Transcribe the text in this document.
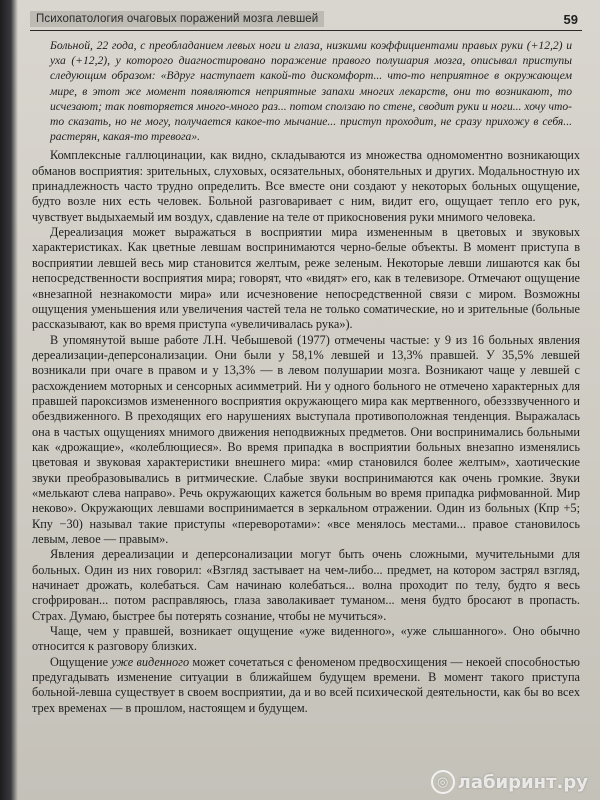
Психопатология очаговых поражений мозга левшей	59

Больной, 22 года, с преобладанием левых ноги и глаза, низкими коэффициентами правых руки (+12,2) и уха (+12,2), у которого диагностировано поражение правого полушария мозга, описывал приступы следующим образом: «Вдруг наступает какой-то дискомфорт... что-то неприятное в окружающем мире, в этот же момент появляются неприятные запахи многих лекарств, они то возникают, то исчезают; так повторяется много-много раз... потом сползаю по стене, сводит руки и ноги... хочу что-то сказать, но не могу, получается какое-то мычание... приступ проходит, не сразу прихожу в себя... растерян, какая-то тревога».

Комплексные галлюцинации, как видно, складываются из множества одномоментно возникающих обманов восприятия: зрительных, слуховых, осязательных, обонятельных и других. Модальностную их принадлежность часто трудно определить. Все вместе они создают у некоторых больных ощущение, будто возле них есть человек. Больной разговаривает с ним, видит его, ощущает тепло его рук, чувствует выдыхаемый им воздух, сдавление на теле от прикосновения руки мнимого человека.

Дереализация может выражаться в восприятии мира измененным в цветовых и звуковых характеристиках. Как цветные левшам воспринимаются черно-белые объекты. В момент приступа в восприятии левшей весь мир становится желтым, реже зеленым. Некоторые левши лишаются как бы непосредственности восприятия мира; говорят, что «видят» его, как в телевизоре. Отмечают ощущение «внезапной незнакомости мира» или исчезновение непосредственной связи с миром. Возможны ощущения уменьшения или увеличения частей тела не только соматические, но и зрительные (больные рассказывают, как во время приступа «увеличивалась рука»).

В упомянутой выше работе Л.Н. Чебышевой (1977) отмечены частые: у 9 из 16 больных явления дереализации-деперсонализации. Они были у 58,1% левшей и 13,3% правшей. У 35,5% левшей возникали при очаге в правом и у 13,3% — в левом полушарии мозга. Возникают чаще у левшей с расхождением моторных и сенсорных асимметрий. Ни у одного больного не отмечено характерных для правшей пароксизмов измененного восприятия окружающего мира как мертвенного, обезззвученного и обездвиженного. В преходящих его нарушениях выступала противоположная тенденция. Выражалась она в частых ощущениях мнимого движения неподвижных предметов. Они воспринимались больными как «дрожащие», «колеблющиеся». Во время припадка в восприятии больных внезапно изменялись цветовая и звуковая характеристики внешнего мира: «мир становился более желтым», хаотические звуки преобразовывались в ритмические. Слабые звуки воспринимаются как очень громкие. Звуки «мелькают слева направо». Речь окружающих кажется больным во время припадка рифмованной. Мир неково». Окружающих левшами воспринимается в зеркальном отражении. Один из больных (Кпр +5; Кпу −30) называл такие приступы «переворотами»: «все менялось местами... правое становилось левым, левое — правым».

Явления дереализации и деперсонализации могут быть очень сложными, мучительными для больных. Один из них говорил: «Взгляд застывает на чем-либо... предмет, на котором застрял взгляд, начинает дрожать, колебаться. Сам начинаю колебаться... волна проходит по телу, будто я весь сгофрирован... потом расправляюсь, глаза заволакивает туманом... меня будто бросают в пропасть. Страх. Думаю, быстрее бы потерять сознание, чтобы не мучиться».

Чаще, чем у правшей, возникает ощущение «уже виденного», «уже слышанного». Оно обычно относится к разговору близких.

Ощущение уже виденного может сочетаться с феноменом предвосхищения — некоей способностью предугадывать изменение ситуации в ближайшем будущем времени. В момент такого приступа больной-левша существует в своем восприятии, да и во всей психической деятельности, как бы во всех трех временах — в прошлом, настоящем и будущем.

◎ лабиринт.ру
